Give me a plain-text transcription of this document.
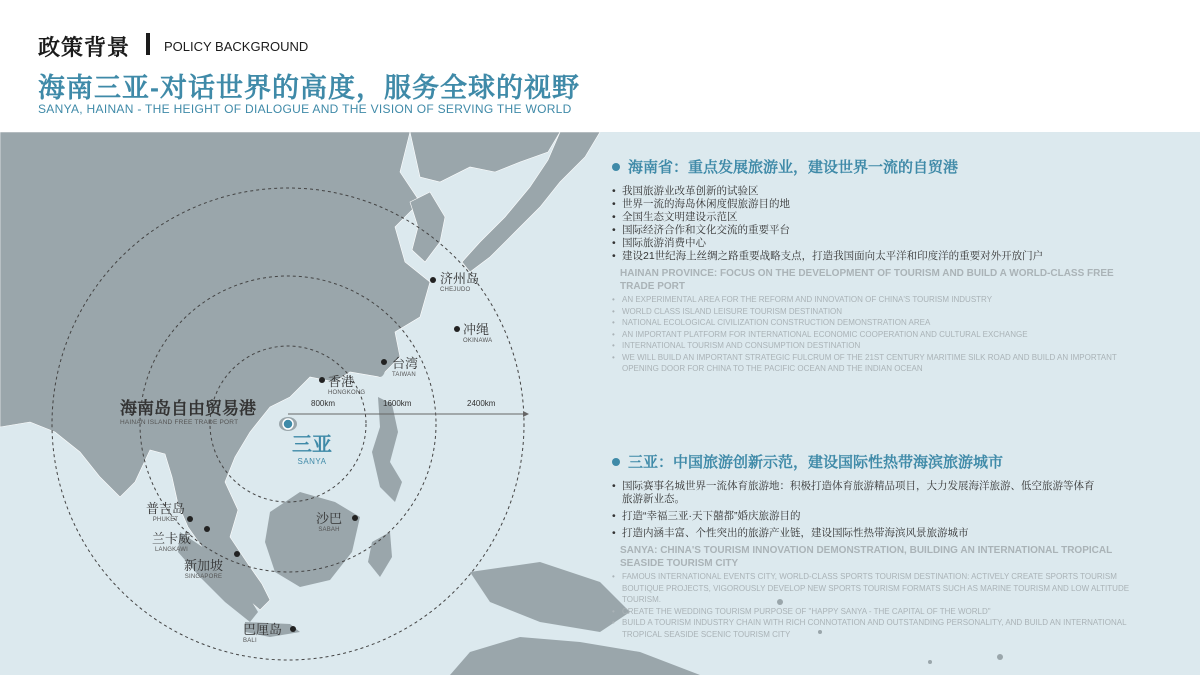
政策背景	POLICY BACKGROUND
海南三亚-对话世界的高度，服务全球的视野
SANYA, HAINAN - THE HEIGHT OF DIALOGUE AND THE VISION OF SERVING THE WORLD
济州岛
CHEJUDO
冲绳
OKINAWA
台湾
TAIWAN
香港
HONGKONG
普吉岛
PHUKET
兰卡威
LANGKAWI
新加坡
SINGAPORE
沙巴
SABAH
巴厘岛
BALI
800km	1600km	2400km
海南岛自由贸易港
HAINAN ISLAND FREE TRADE PORT
三亚
SANYA
海南省：重点发展旅游业，建设世界一流的自贸港
• 我国旅游业改革创新的试验区
• 世界一流的海岛休闲度假旅游目的地
• 全国生态文明建设示范区
• 国际经济合作和文化交流的重要平台
• 国际旅游消费中心
• 建设21世纪海上丝绸之路重要战略支点，打造我国面向太平洋和印度洋的重要对外开放门户
HAINAN PROVINCE: FOCUS ON THE DEVELOPMENT OF TOURISM AND BUILD A WORLD-CLASS FREE TRADE PORT
• AN EXPERIMENTAL AREA FOR THE REFORM AND INNOVATION OF CHINA'S TOURISM INDUSTRY
• WORLD CLASS ISLAND LEISURE TOURISM DESTINATION
• NATIONAL ECOLOGICAL CIVILIZATION CONSTRUCTION DEMONSTRATION AREA
• AN IMPORTANT PLATFORM FOR INTERNATIONAL ECONOMIC COOPERATION AND CULTURAL EXCHANGE
• INTERNATIONAL TOURISM AND CONSUMPTION DESTINATION
• WE WILL BUILD AN IMPORTANT STRATEGIC FULCRUM OF THE 21ST CENTURY MARITIME SILK ROAD AND BUILD AN IMPORTANT OPENING DOOR FOR CHINA TO THE PACIFIC OCEAN AND THE INDIAN OCEAN
三亚：中国旅游创新示范，建设国际性热带海滨旅游城市
• 国际赛事名城世界一流体育旅游地：积极打造体育旅游精品项目，大力发展海洋旅游、低空旅游等体育旅游新业态。
• 打造“幸福三亚·天下囍都”婚庆旅游目的
• 打造内涵丰富、个性突出的旅游产业链，建设国际性热带海滨风景旅游城市
SANYA: CHINA'S TOURISM INNOVATION DEMONSTRATION, BUILDING AN INTERNATIONAL TROPICAL SEASIDE TOURISM CITY
• FAMOUS INTERNATIONAL EVENTS CITY, WORLD-CLASS SPORTS TOURISM DESTINATION: ACTIVELY CREATE SPORTS TOURISM BOUTIQUE PROJECTS, VIGOROUSLY DEVELOP NEW SPORTS TOURISM FORMATS SUCH AS MARINE TOURISM AND LOW ALTITUDE TOURISM.
• CREATE THE WEDDING TOURISM PURPOSE OF "HAPPY SANYA - THE CAPITAL OF THE WORLD"
• BUILD A TOURISM INDUSTRY CHAIN WITH RICH CONNOTATION AND OUTSTANDING PERSONALITY, AND BUILD AN INTERNATIONAL TROPICAL SEASIDE SCENIC TOURISM CITY
